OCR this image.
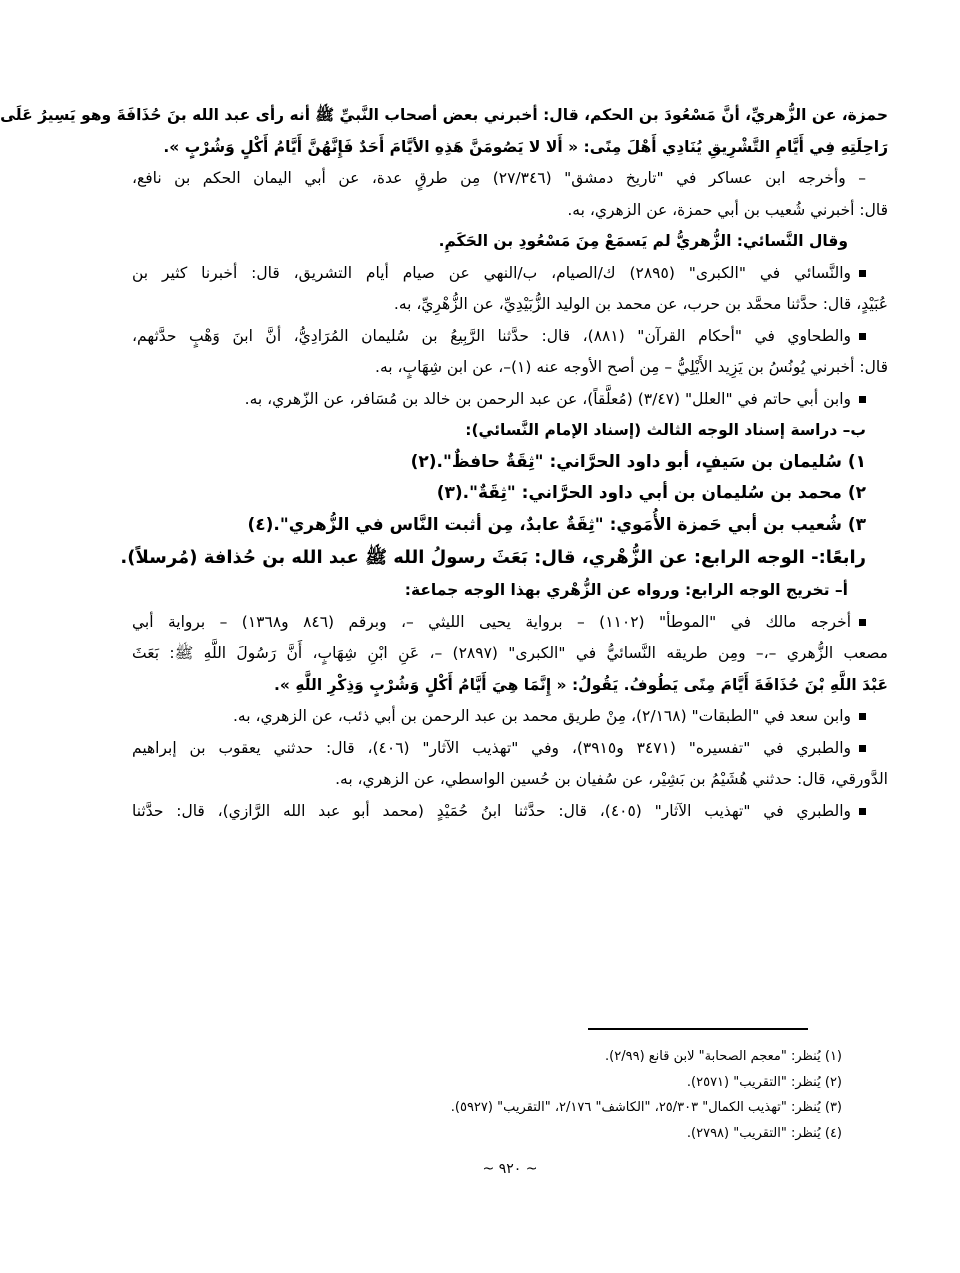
حمزة، عن الزُّهريِّ، أنَّ مَسْعُودَ بن الحكم، قال: أخبرني بعض أصحاب النَّبيِّ ﷺ أنه رأى عبد الله بنَ حُذَافَةَ وهو يَسِيرُ عَلَى

رَاحِلَتِهِ فِي أَيَّامِ التَّشْرِيقِ يُنَادِي أَهْلَ مِنًى: « أَلا لا يَصُومَنَّ هَذِهِ الأيَّامَ أَحَدٌ فَإِنَّهُنَّ أَيَّامُ أَكْلٍ وَشُرْبٍ ».

– وأخرجه ابن عساكر في "تاريخ دمشق" (٢٧/٣٤٦) مِن طرقٍ عدة، عن أبي اليمان الحكم بن نافع،

قال: أخبرني شُعيب بن أبي حمزة، عن الزهري، به.

وقال النَّسائي: الزُّهريُّ لم يَسمَعْ مِنَ مَسْعُودِ بن الحَكَمِ.

والنَّسائي في "الكبرى" (٢٨٩٥) ك/الصيام، ب/النهي عن صيام أيام التشريق، قال: أخبرنا كثير بن

عُبَيْدٍ، قال: حدَّثنا محمَّد بن حرب، عن محمد بن الوليد الزُّبَيْدِيِّ، عن الزُّهْرِيِّ، به.

والطحاوي في "أحكام القرآن" (٨٨١)، قال: حدَّثنا الرَّبِيعُ بن سُليمان المُرَادِيُّ، أنَّ ابنَ وَهْبٍ حدَّثهم،

قال: أخبرني يُونُسُ بن يَزِيد الأَيْلِيُّ – مِن أصح الأوجه عنه (١)–، عن ابن شِهَابٍ، به.

وابن أبي حاتم في "العلل" (٣/٤٧) (مُعلَّقاً)، عن عبد الرحمن بن خالد بن مُسَافر، عن الزّهري، به.

ب– دراسة إسناد الوجه الثالث (إسناد الإمام النَّسائي):

١) سُليمان بن سَيفٍ، أبو داود الحرَّاني: "ثِقَةٌ حافظٌ".(٢)

٢) محمد بن سُليمان بن أبي داود الحرَّاني: "ثِقَةٌ".(٣)

٣) شُعيب بن أبي حَمزة الأُمَوي: "ثِقَةٌ عابدٌ، مِن أثبت النَّاس في الزُّهري".(٤)

رابعًا:- الوجه الرابع: عن الزُّهْري، قال: بَعَثَ رسولُ الله ﷺ عبد الله بن حُذافة (مُرسلاً).

أ– تخريج الوجه الرابع: ورواه عن الزُّهْري بهذا الوجه جماعة:

أخرجه مالك في "الموطأ" (١١٠٢) – برواية يحيى الليثي –، وبرقم (٨٤٦ و١٣٦٨) – برواية أبي

مصعب الزُّهري –،– ومِن طريقه النَّسائيُّ في "الكبرى" (٢٨٩٧) –، عَنِ ابْنِ شِهَابٍ، أَنَّ رَسُولَ اللَّهِ ﷺ: بَعَثَ

عَبْدَ اللَّهِ بْنَ حُذَافَةَ أَيَّامَ مِنًى يَطُوفُ. يَقُولُ: « إِنَّمَا هِيَ أَيَّامُ أَكْلٍ وَشُرْبٍ وَذِكْرِ اللَّهِ ».

وابن سعد في "الطبقات" (٢/١٦٨)، مِنْ طريق محمد بن عبد الرحمن بن أبي ذئب، عن الزهري، به.

والطبري في "تفسيره" (٣٤٧١ و٣٩١٥)، وفي "تهذيب الآثار" (٤٠٦)، قال: حدثني يعقوب بن إبراهيم

الدَّورقي، قال: حدثني هُشَيْمُ بن بَشِيْر، عن سُفيان بن حُسين الواسطي، عن الزهري، به.

والطبري في "تهذيب الآثار" (٤٠٥)، قال: حدَّثنا ابنُ حُمَيْدٍ (محمد أبو عبد الله الرَّازي)، قال: حدَّثنا

(١) يُنظر: "معجم الصحابة" لابن قانع (٢/٩٩).

(٢) يُنظر: "التقريب" (٢٥٧١).

(٣) يُنظر: "تهذيب الكمال" ٢٥/٣٠٣، "الكاشف" ٢/١٧٦، "التقريب" (٥٩٢٧).

(٤) يُنظر: "التقريب" (٢٧٩٨).

~ ٩٢٠ ~
